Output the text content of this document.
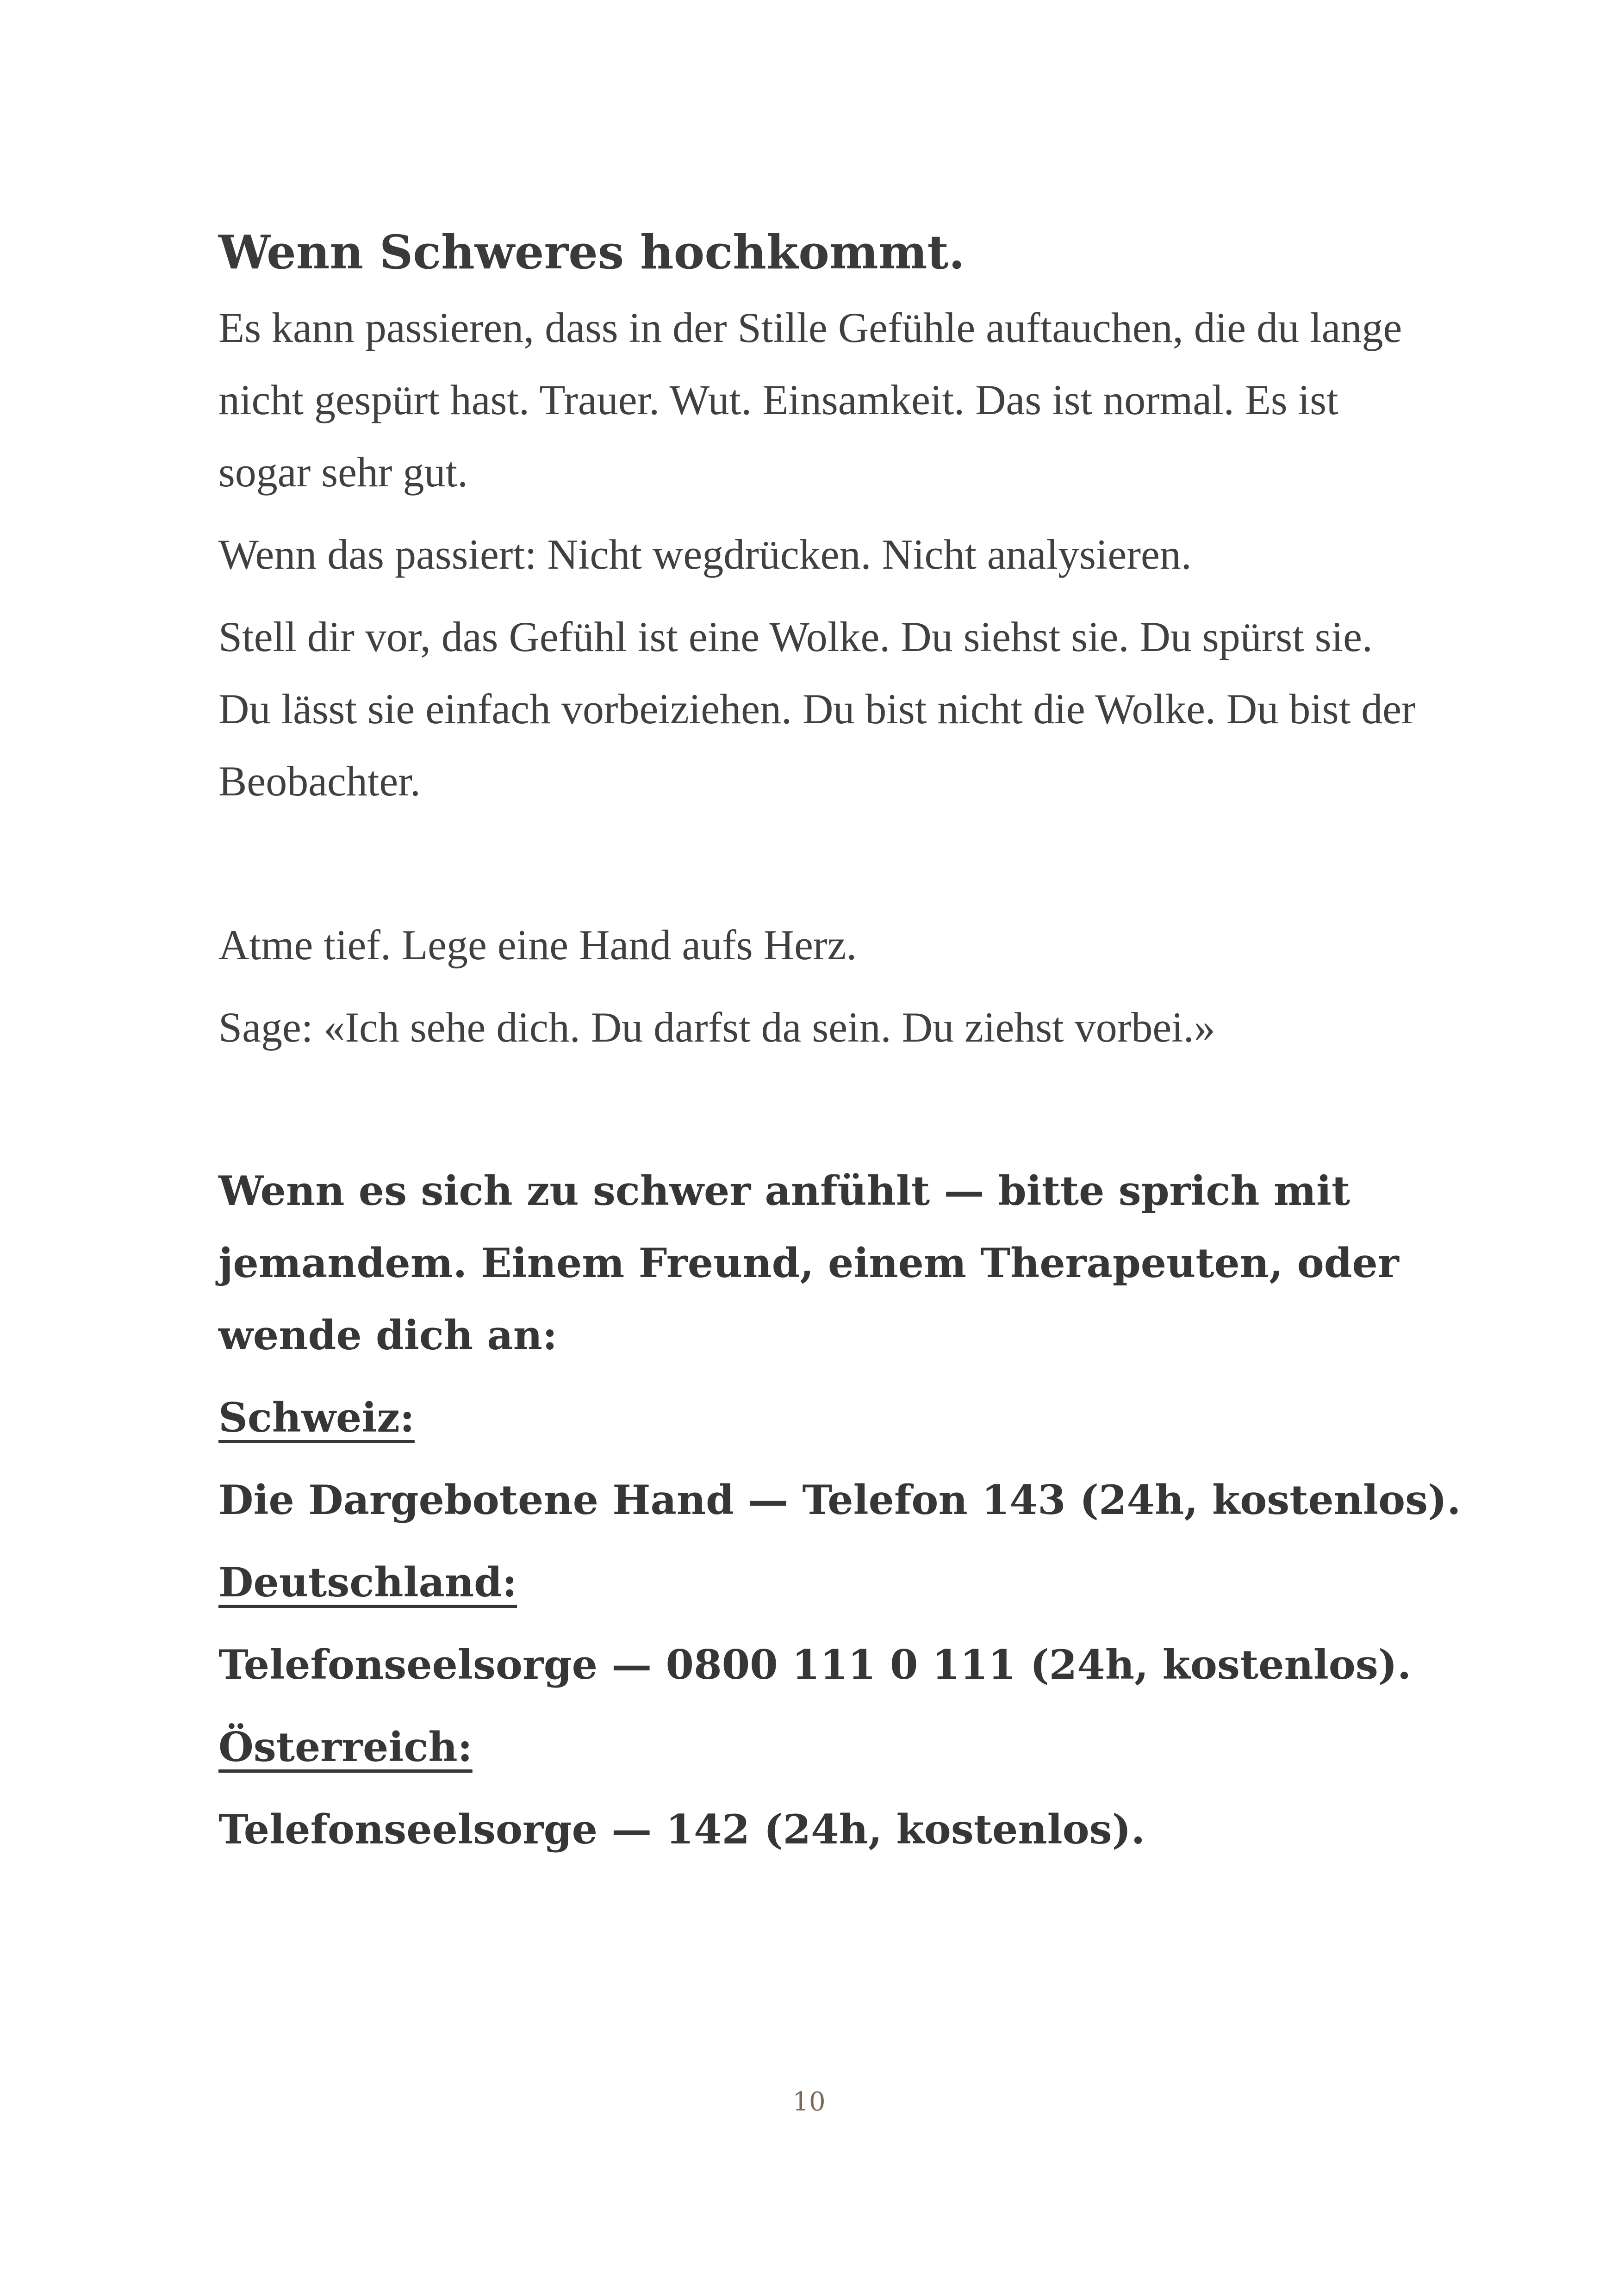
Wenn Schweres hochkommt.

Es kann passieren, dass in der Stille Gefühle auftauchen, die du lange nicht gespürt hast. Trauer. Wut. Einsamkeit. Das ist normal. Es ist sogar sehr gut.

Wenn das passiert: Nicht wegdrücken. Nicht analysieren.

Stell dir vor, das Gefühl ist eine Wolke. Du siehst sie. Du spürst sie. Du lässt sie einfach vorbeiziehen. Du bist nicht die Wolke. Du bist der Beobachter.

Atme tief. Lege eine Hand aufs Herz.

Sage: «Ich sehe dich. Du darfst da sein. Du ziehst vorbei.»

Wenn es sich zu schwer anfühlt — bitte sprich mit jemandem. Einem Freund, einem Therapeuten, oder wende dich an:

Schweiz:

Die Dargebotene Hand — Telefon 143 (24h, kostenlos).

Deutschland:

Telefonseelsorge — 0800 111 0 111 (24h, kostenlos).

Österreich:

Telefonseelsorge — 142 (24h, kostenlos).

10
